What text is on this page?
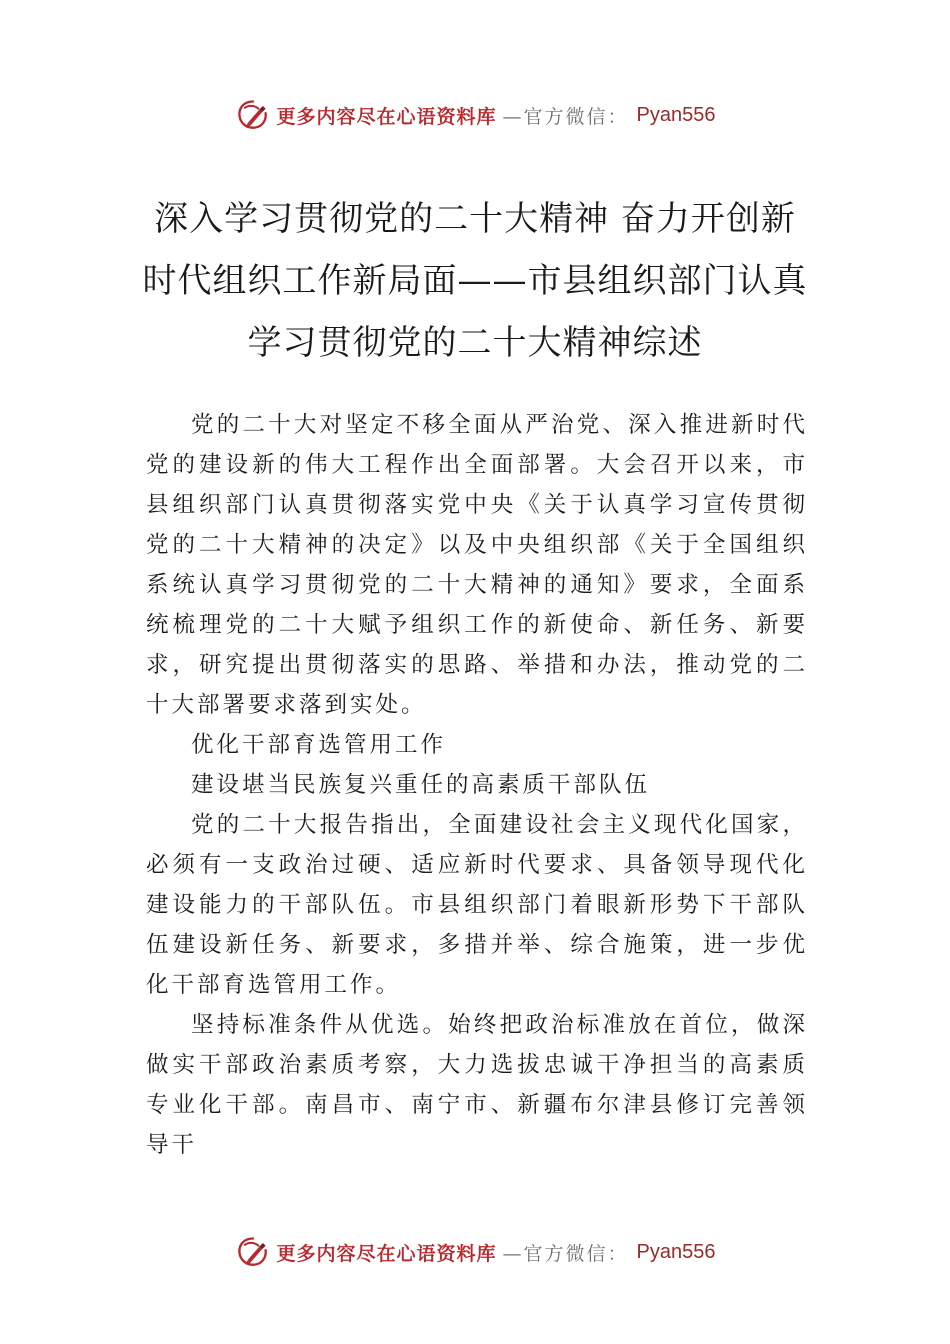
更多内容尽在心语资料库 —官方微信： Pyan556
深入学习贯彻党的二十大精神 奋力开创新时代组织工作新局面——市县组织部门认真学习贯彻党的二十大精神综述

党的二十大对坚定不移全面从严治党、深入推进新时代党的建设新的伟大工程作出全面部署。大会召开以来，市县组织部门认真贯彻落实党中央《关于认真学习宣传贯彻党的二十大精神的决定》以及中央组织部《关于全国组织系统认真学习贯彻党的二十大精神的通知》要求，全面系统梳理党的二十大赋予组织工作的新使命、新任务、新要求，研究提出贯彻落实的思路、举措和办法，推动党的二十大部署要求落到实处。

优化干部育选管用工作

建设堪当民族复兴重任的高素质干部队伍

党的二十大报告指出，全面建设社会主义现代化国家，必须有一支政治过硬、适应新时代要求、具备领导现代化建设能力的干部队伍。市县组织部门着眼新形势下干部队伍建设新任务、新要求，多措并举、综合施策，进一步优化干部育选管用工作。

坚持标准条件从优选。始终把政治标准放在首位，做深做实干部政治素质考察，大力选拔忠诚干净担当的高素质专业化干部。南昌市、南宁市、新疆布尔津县修订完善领导干

更多内容尽在心语资料库 —官方微信： Pyan556
